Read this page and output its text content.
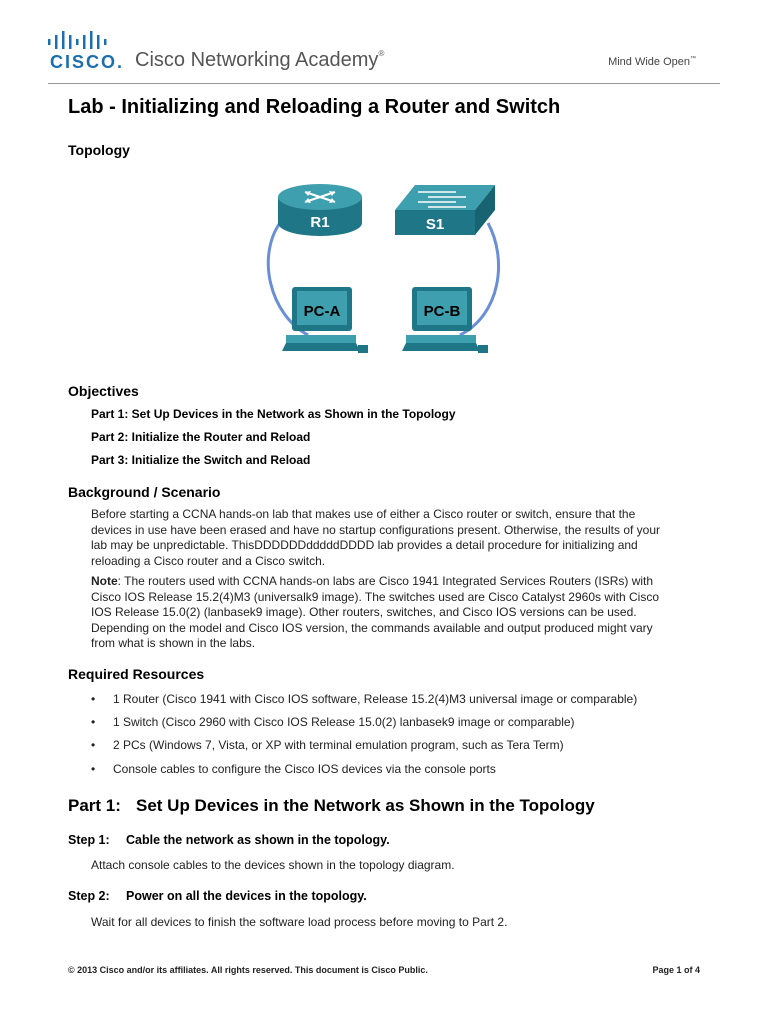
CISCO. Cisco Networking Academy®
Mind Wide Open™
Lab - Initializing and Reloading a Router and Switch
Topology
R1	S1
PC-A	PC-B
Objectives
Part 1: Set Up Devices in the Network as Shown in the Topology
Part 2: Initialize the Router and Reload
Part 3: Initialize the Switch and Reload
Background / Scenario
Before starting a CCNA hands-on lab that makes use of either a Cisco router or switch, ensure that the
devices in use have been erased and have no startup configurations present. Otherwise, the results of your
lab may be unpredictable. ThisDDDDDDdddddDDDD lab provides a detail procedure for initializing and
reloading a Cisco router and a Cisco switch.
Note: The routers used with CCNA hands-on labs are Cisco 1941 Integrated Services Routers (ISRs) with
Cisco IOS Release 15.2(4)M3 (universalk9 image). The switches used are Cisco Catalyst 2960s with Cisco
IOS Release 15.0(2) (lanbasek9 image). Other routers, switches, and Cisco IOS versions can be used.
Depending on the model and Cisco IOS version, the commands available and output produced might vary
from what is shown in the labs.
Required Resources
• 1 Router (Cisco 1941 with Cisco IOS software, Release 15.2(4)M3 universal image or comparable)
• 1 Switch (Cisco 2960 with Cisco IOS Release 15.0(2) lanbasek9 image or comparable)
• 2 PCs (Windows 7, Vista, or XP with terminal emulation program, such as Tera Term)
• Console cables to configure the Cisco IOS devices via the console ports
Part 1: Set Up Devices in the Network as Shown in the Topology
Step 1: Cable the network as shown in the topology.
Attach console cables to the devices shown in the topology diagram.
Step 2: Power on all the devices in the topology.
Wait for all devices to finish the software load process before moving to Part 2.
© 2013 Cisco and/or its affiliates. All rights reserved. This document is Cisco Public.	Page 1 of 4
